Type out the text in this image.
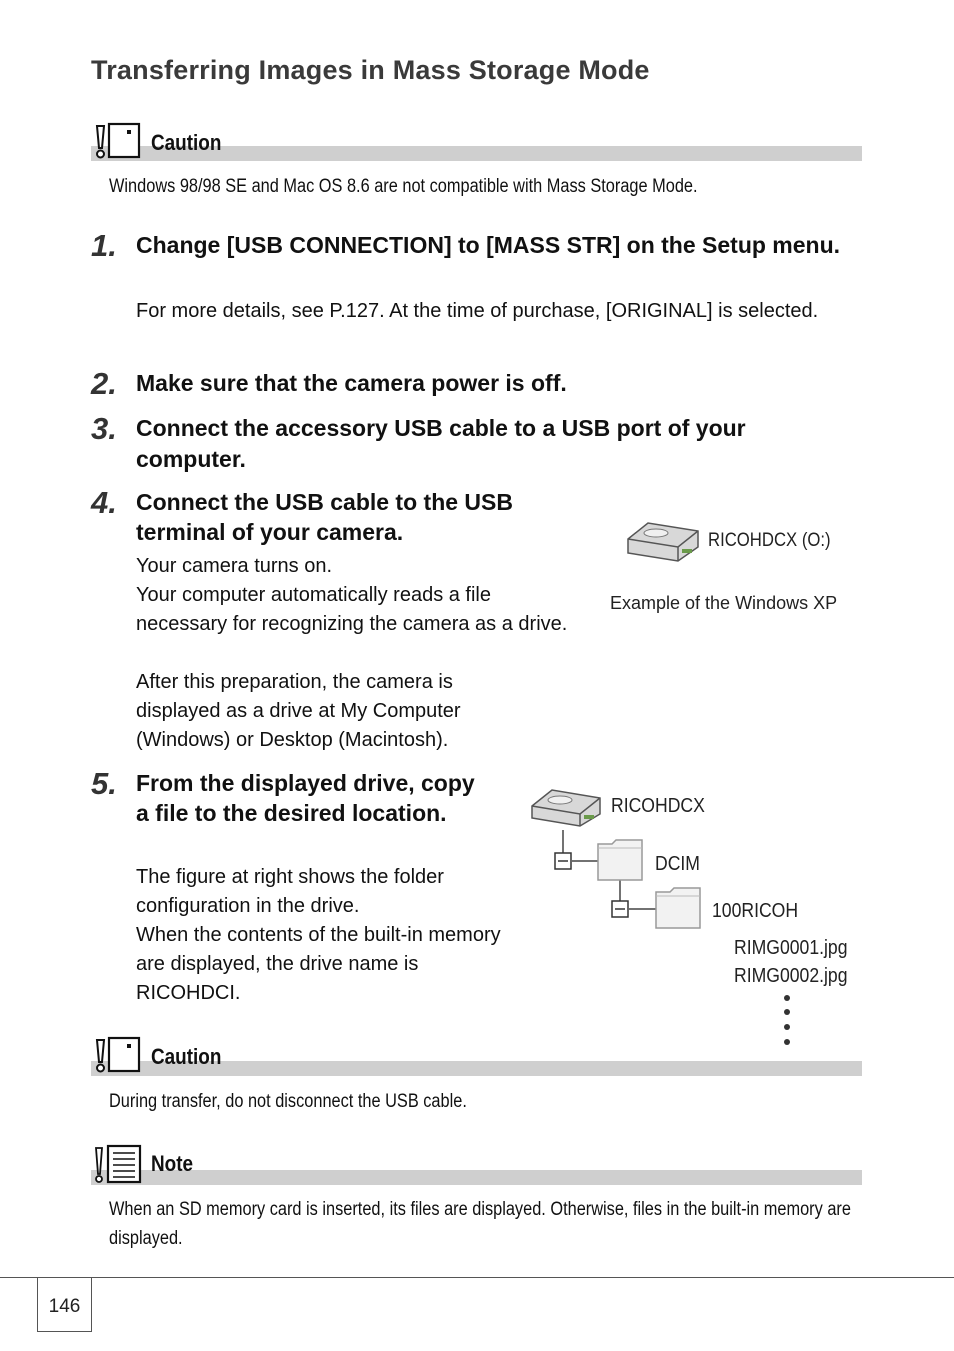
Transferring Images in Mass Storage Mode
Caution
Windows 98/98 SE and Mac OS 8.6 are not compatible with Mass Storage Mode.
1. Change [USB CONNECTION] to [MASS STR] on the Setup menu.
For more details, see P.127. At the time of purchase, [ORIGINAL] is selected.
2. Make sure that the camera power is off.
3. Connect the accessory USB cable to a USB port of your computer.
4. Connect the USB cable to the USB terminal of your camera.
Your camera turns on.
Your computer automatically reads a file necessary for recognizing the camera as a drive.
After this preparation, the camera is displayed as a drive at My Computer (Windows) or Desktop (Macintosh).
RICOHDCX (O:)
Example of the Windows XP
5. From the displayed drive, copy a file to the desired location.
The figure at right shows the folder configuration in the drive.
When the contents of the built-in memory are displayed, the drive name is RICOHDCI.
RICOHDCX
DCIM
100RICOH
RIMG0001.jpg
RIMG0002.jpg
Caution
During transfer, do not disconnect the USB cable.
Note
When an SD memory card is inserted, its files are displayed. Otherwise, files in the built-in memory are displayed.
146
